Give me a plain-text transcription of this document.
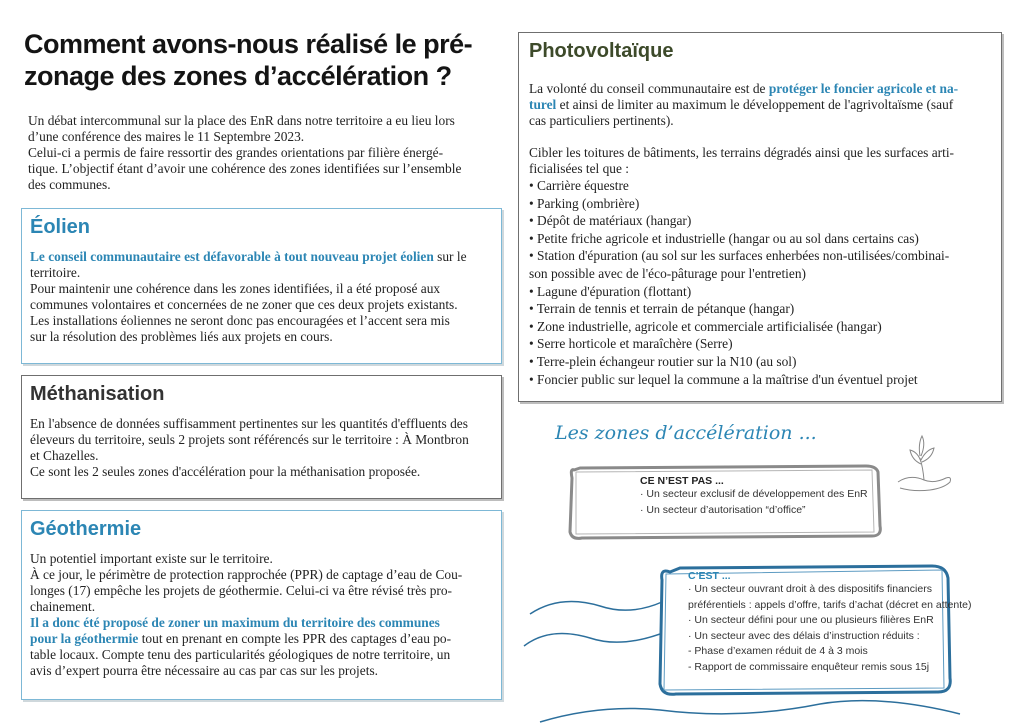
Comment avons-nous réalisé le pré-zonage des zones d’accélération ?

Un débat intercommunal sur la place des EnR dans notre territoire a eu lieu lors

d’une conférence des maires le 11 Septembre 2023.

Celui-ci a permis de faire ressortir des grandes orientations par filière énergé-

tique. L’objectif étant d’avoir une cohérence des zones identifiées sur l’ensemble

des communes.

Éolien

Le conseil communautaire est défavorable à tout nouveau projet éolien sur le

territoire.

Pour maintenir une cohérence dans les zones identifiées, il a été proposé aux

communes volontaires et concernées de ne zoner que ces deux projets existants.

Les installations éoliennes ne seront donc pas encouragées et l’accent sera mis

sur la résolution des problèmes liés aux projets en cours.

Méthanisation

En l'absence de données suffisamment pertinentes sur les quantités d'effluents des

éleveurs du territoire, seuls 2 projets sont référencés sur le territoire : À Montbron

et Chazelles.

Ce sont les 2 seules zones d'accélération pour la méthanisation proposée.

Géothermie

Un potentiel important existe sur le territoire.

À ce jour, le périmètre de protection rapprochée (PPR) de captage d’eau de Cou-

longes (17) empêche les projets de géothermie. Celui-ci va être révisé très pro-

chainement.

Il a donc été proposé de zoner un maximum du territoire des communes

pour la géothermie tout en prenant en compte les PPR des captages d’eau po-

table locaux. Compte tenu des particularités géologiques de notre territoire, un

avis d’expert pourra être nécessaire au cas par cas sur les projets.

Photovoltaïque

La volonté du conseil communautaire est de protéger le foncier agricole et na-

turel et ainsi de limiter au maximum le développement de l'agrivoltaïsme (sauf

cas particuliers pertinents).

Cibler les toitures de bâtiments, les terrains dégradés ainsi que les surfaces arti-

ficialisées tel que :

• Carrière équestre
• Parking (ombrière)
• Dépôt de matériaux (hangar)
• Petite friche agricole et industrielle (hangar ou au sol dans certains cas)
• Station d'épuration (au sol sur les surfaces enherbées non-utilisées/combinai-
son possible avec de l'éco-pâturage pour l'entretien)
• Lagune d'épuration (flottant)
• Terrain de tennis et terrain de pétanque (hangar)
• Zone industrielle, agricole et commerciale artificialisée (hangar)
• Serre horticole et maraîchère (Serre)
• Terre-plein échangeur routier sur la N10 (au sol)
• Foncier public sur lequel la commune a la maîtrise d'un éventuel projet
Les zones d’accélération ...
CE N’EST PAS ...
· Un secteur exclusif de développement des EnR
· Un secteur d’autorisation “d’office”
C’EST ...
· Un secteur ouvrant droit à des dispositifs financiers
préférentiels : appels d’offre, tarifs d’achat (décret en attente)
· Un secteur défini pour une ou plusieurs filières EnR
· Un secteur avec des délais d’instruction réduits :
- Phase d’examen réduit de 4 à 3 mois
- Rapport de commissaire enquêteur remis sous 15j
